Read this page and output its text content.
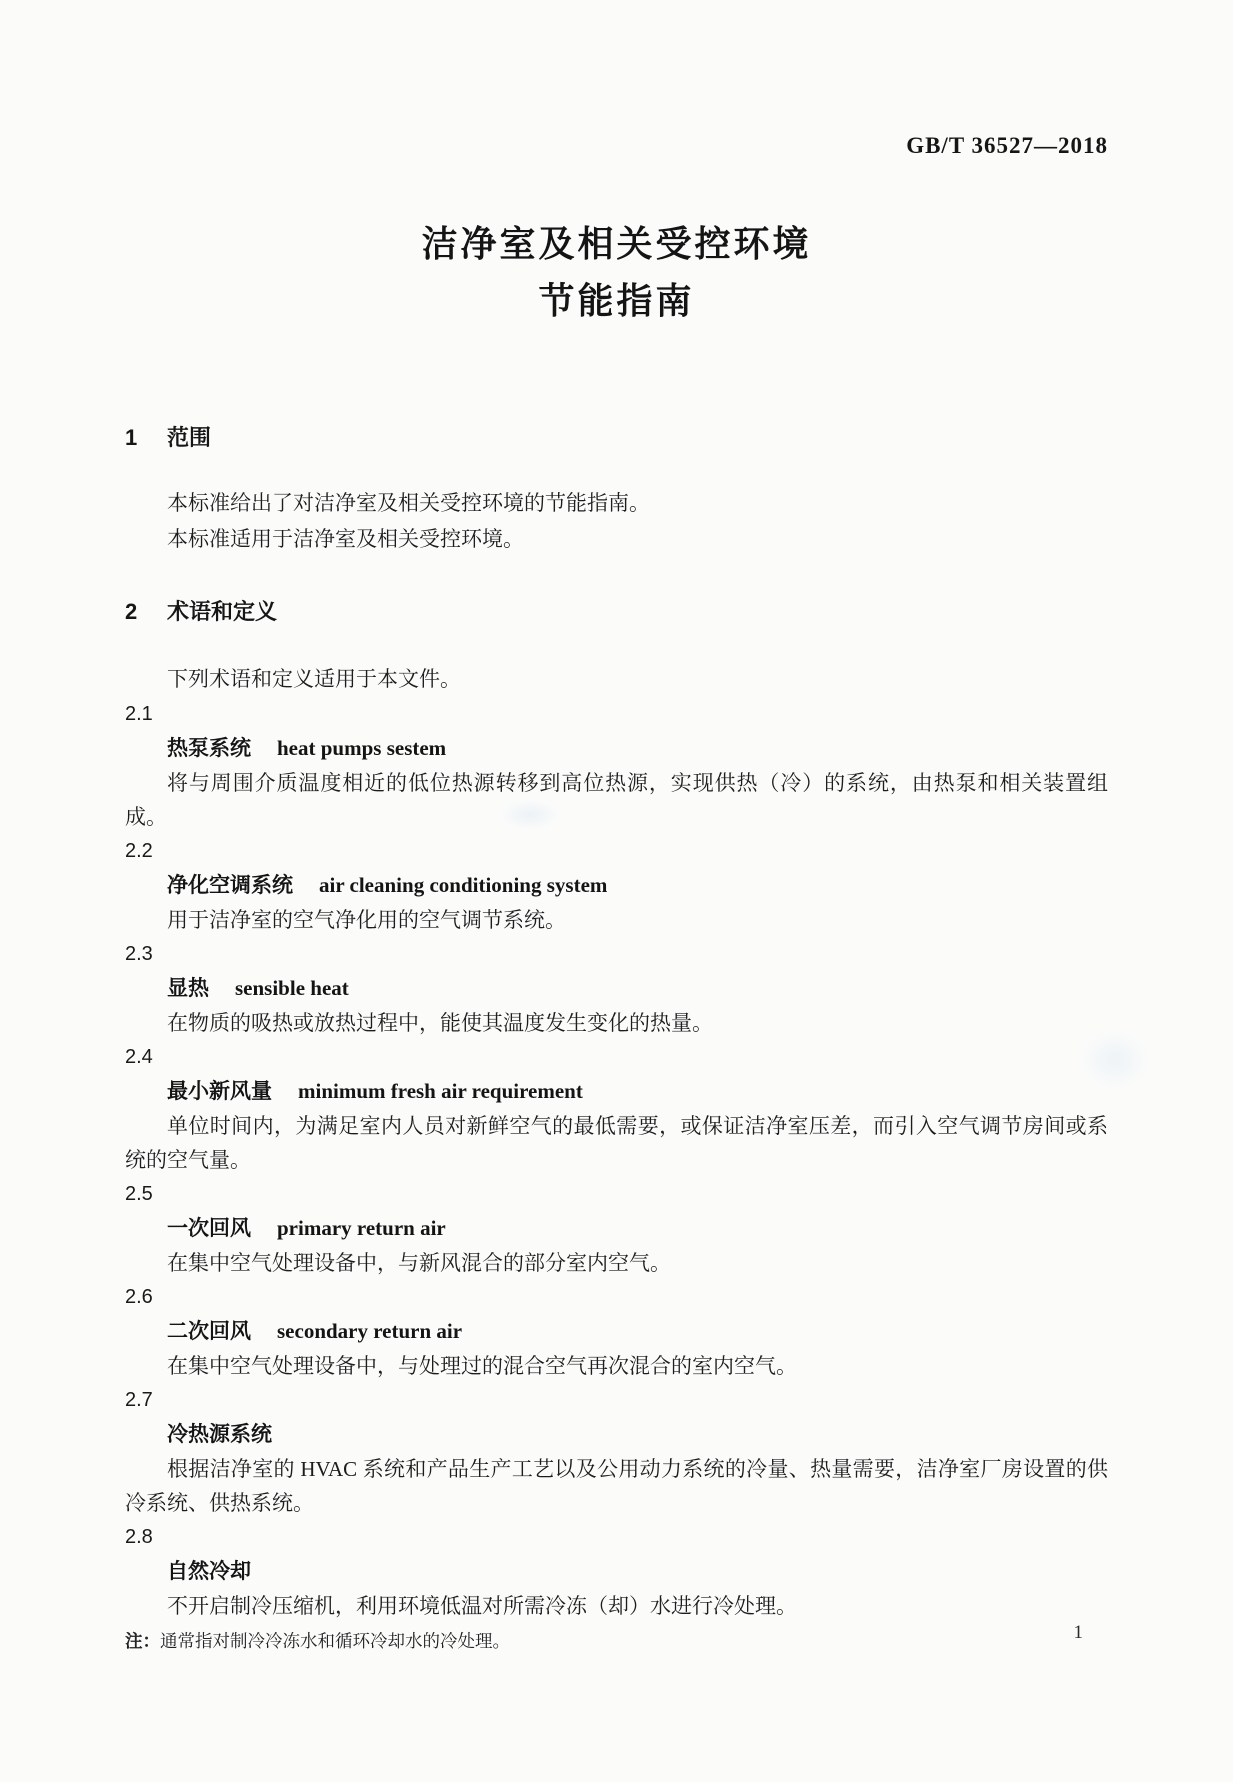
GB/T 36527—2018
洁净室及相关受控环境
节能指南
1 范围

本标准给出了对洁净室及相关受控环境的节能指南。

本标准适用于洁净室及相关受控环境。

2 术语和定义

下列术语和定义适用于本文件。

2.1
热泵系统 heat pumps sestem

将与周围介质温度相近的低位热源转移到高位热源，实现供热（冷）的系统，由热泵和相关装置组成。

2.2
净化空调系统 air cleaning conditioning system

用于洁净室的空气净化用的空气调节系统。

2.3
显热 sensible heat

在物质的吸热或放热过程中，能使其温度发生变化的热量。

2.4
最小新风量 minimum fresh air requirement

单位时间内，为满足室内人员对新鲜空气的最低需要，或保证洁净室压差，而引入空气调节房间或系统的空气量。

2.5
一次回风 primary return air

在集中空气处理设备中，与新风混合的部分室内空气。

2.6
二次回风 secondary return air

在集中空气处理设备中，与处理过的混合空气再次混合的室内空气。

2.7
冷热源系统

根据洁净室的 HVAC 系统和产品生产工艺以及公用动力系统的冷量、热量需要，洁净室厂房设置的供冷系统、供热系统。

2.8
自然冷却

不开启制冷压缩机，利用环境低温对所需冷冻（却）水进行冷处理。

注：通常指对制冷冷冻水和循环冷却水的冷处理。	1
